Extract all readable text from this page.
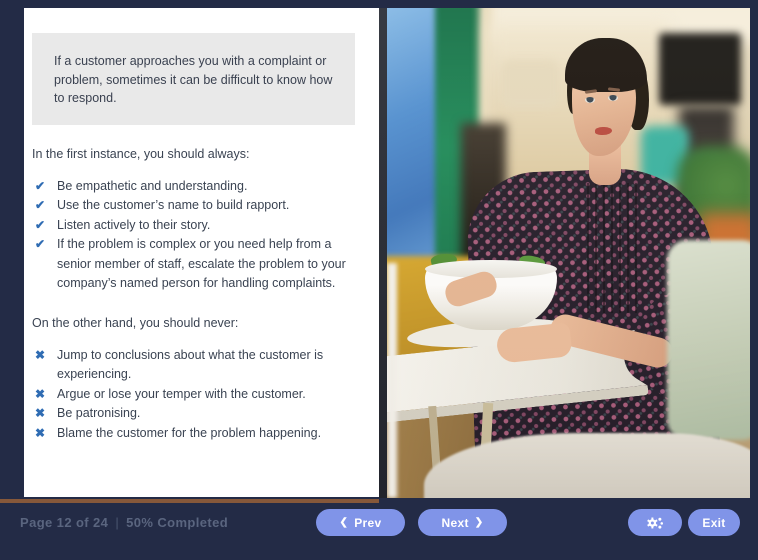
If a customer approaches you with a complaint or problem, sometimes it can be difficult to know how to respond.

In the first instance, you should always:

✔ Be empathetic and understanding.
✔ Use the customer’s name to build rapport.
✔ Listen actively to their story.
✔ If the problem is complex or you need help from a senior member of staff, escalate the problem to your company’s named person for handling complaints.

On the other hand, you should never:

✖ Jump to conclusions about what the customer is experiencing.
✖ Argue or lose your temper with the customer.
✖ Be patronising.
✖ Blame the customer for the problem happening.
Page 12 of 24 | 50% Completed	❮ Prev	Next ❯	Exit
